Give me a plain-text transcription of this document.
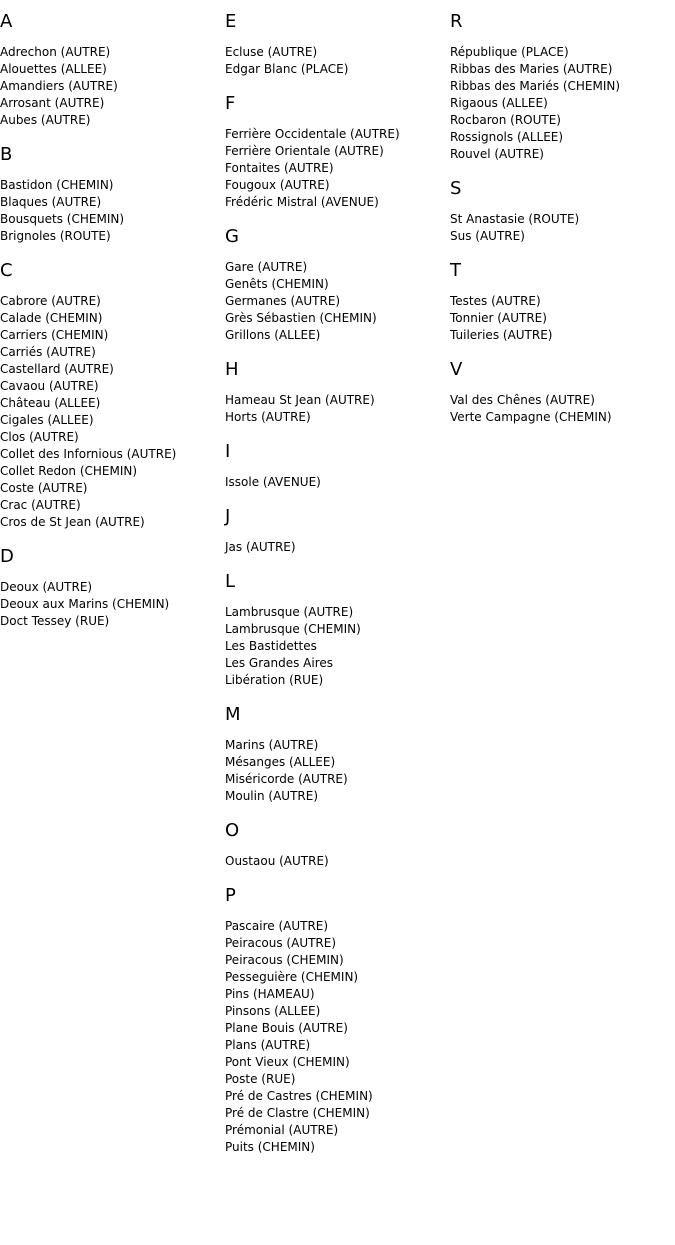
A
Adrechon (AUTRE)
Alouettes (ALLEE)
Amandiers (AUTRE)
Arrosant (AUTRE)
Aubes (AUTRE)
B
Bastidon (CHEMIN)
Blaques (AUTRE)
Bousquets (CHEMIN)
Brignoles (ROUTE)
C
Cabrore (AUTRE)
Calade (CHEMIN)
Carriers (CHEMIN)
Carriés (AUTRE)
Castellard (AUTRE)
Cavaou (AUTRE)
Château (ALLEE)
Cigales (ALLEE)
Clos (AUTRE)
Collet des Infornious (AUTRE)
Collet Redon (CHEMIN)
Coste (AUTRE)
Crac (AUTRE)
Cros de St Jean (AUTRE)
D
Deoux (AUTRE)
Deoux aux Marins (CHEMIN)
Doct Tessey (RUE)
E
Ecluse (AUTRE)
Edgar Blanc (PLACE)
F
Ferrière Occidentale (AUTRE)
Ferrière Orientale (AUTRE)
Fontaites (AUTRE)
Fougoux (AUTRE)
Frédéric Mistral (AVENUE)
G
Gare (AUTRE)
Genêts (CHEMIN)
Germanes (AUTRE)
Grès Sébastien (CHEMIN)
Grillons (ALLEE)
H
Hameau St Jean (AUTRE)
Horts (AUTRE)
I
Issole (AVENUE)
J
Jas (AUTRE)
L
Lambrusque (AUTRE)
Lambrusque (CHEMIN)
Les Bastidettes
Les Grandes Aires
Libération (RUE)
M
Marins (AUTRE)
Mésanges (ALLEE)
Miséricorde (AUTRE)
Moulin (AUTRE)
O
Oustaou (AUTRE)
P
Pascaire (AUTRE)
Peiracous (AUTRE)
Peiracous (CHEMIN)
Pesseguière (CHEMIN)
Pins (HAMEAU)
Pinsons (ALLEE)
Plane Bouis (AUTRE)
Plans (AUTRE)
Pont Vieux (CHEMIN)
Poste (RUE)
Pré de Castres (CHEMIN)
Pré de Clastre (CHEMIN)
Prémonial (AUTRE)
Puits (CHEMIN)
R
République (PLACE)
Ribbas des Maries (AUTRE)
Ribbas des Mariés (CHEMIN)
Rigaous (ALLEE)
Rocbaron (ROUTE)
Rossignols (ALLEE)
Rouvel (AUTRE)
S
St Anastasie (ROUTE)
Sus (AUTRE)
T
Testes (AUTRE)
Tonnier (AUTRE)
Tuileries (AUTRE)
V
Val des Chênes (AUTRE)
Verte Campagne (CHEMIN)
